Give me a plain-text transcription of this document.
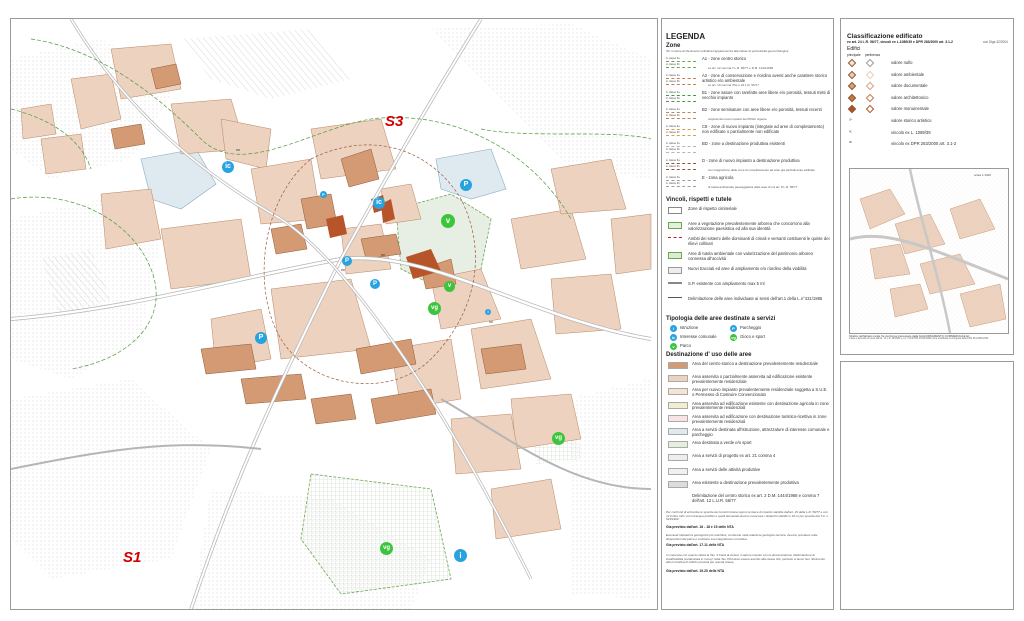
S3
S1
vv
vv
vv
vv
ic
P
ic
v
P
P
P
vg
i
v
P
vg
vg
i
LEGENDA
Zone
Sb: il colore di riferimento individua l'appartenenza alla classe di pericolosità geomorfologica
in classe IIa
in classe IIb
A1 - zone centro storico
ex art. 12 comma 7 L.R. 56/77 e D.M. 1444/1968
in classe IIa
in classe IIb
A2 - zone di conservazione e riordino aventi anche carattere storico artistico e/o ambientale
ex art. 13 comma 7bis e 24 L.R. 56/77
in classe IIa
in classe IIb
B1 - zone sature con rarefatte aree libere e/o porosità, tessuti misti di vecchio impianto
in classe IIa
in classe IIb
B2 - zone semisature con aree libere e/o porosità, tessuti recenti
originati da nuovi impianti del PRGC vigente
in classe IIa
in classe IIb
C8 - zone di nuovo impianto (integrate ad aree di completamento) non edificate o parzialmente non edificate
in classe IIa
in classe IIb
BD - zone a destinazione produttiva esistenti
in classe IIa
in classe IIb
D - zone di nuovo impianto a destinazione produttiva
con integrazione delle zone di completamento ad aree già parzialmente edificate
in classe IIa
in classe IIb
E - zona agricola
di tutela ambientale paesaggistica delle aree di cui art. 8 L.R. 56/77
Vincoli, rispetti e tutele
Zone di rispetto cimiteriale
Aree a vegetazione prevalentemente arborea che concorrono alla valorizzazione paesistica ed alla sua identità
Ambiti dei sistemi delle dominanti di crinali e versanti costituenti le quinte dei rilievi collinari
Aree di tutela ambientale con valorizzazione del patrimonio arboreo connessa all'accività
Nuovi tracciati ed aree di ampliamento e/o riordino della viabilità
S.P. esistente con ampliamento max 5 ml
Delimitazione delle aree individuate ai sensi dell'art.1 della L.n°431/1985
Tipologia delle aree destinate a servizi
i	Istruzione	P	Parcheggio
ic	Interesse comunale	vg Gioco e sport
v	Parco
Destinazione d' uso delle aree
Area del centro storico a destinazione prevalentemente residenziale
Area asservita o parzialmente asservita ad edificazione esistente prevalentemente residenziale
Area per nuovo impianto prevalentemente residenziale soggetta a S.U.E. o Permesso di Costruire Convenzionato
Area asservita ad edificazione esistente con destinazione agricola in zone prevalentemente residenziali
Area asservita ad edificazione con destinazione turistico-ricettiva in zone prevalentemente residenziali
Area a servizi destinata all'istruzione, attrezzature di interesse comunale e parcheggio
Area destinata a verde e/o sport
Area a servizi di progetto ex art. 21 comma 4
Area a servizi delle attività produttive
Area esistente a destinazione prevalentemente produttiva
Delimitazione del centro storico ex art. 2 D.M. 1444/1968 e comma 7 dell'art. 12 L.U.R. 56/77
Per confronti di entrambe le sponde dei torrenti Grana vigono le fasce di rispetto stabilite dall'art. 29 della L.R. 56/77 e con ml inoltre tutti i corsi d'acqua pubblici e quelli demaniali devono osservare i distacchi stabiliti in 10 ml per sponda dal T.U. n. 523/1904.
Gia previsto dall'art. 16 - 18 e 19 delle NTA
Eventuali indicazioni geologiche più restrittive, contenute nella relazione geologico-tecnica, devono prevalere sulle disposizioni del piano e costituire sua integrazione normativa.
Gia previsto dall'art. 17.11 delle NTA
In coerenza con quanto indica la Tav. 3 Carta di sintesi, il settore inserito con la denominazione 'Delimitazione di inedificabilità (evidenziata in rosso)' nella Tav. P04 deve essere ascritto alla classe IIIA, pertanto si lavori ben riferimento alla normativa di utilizzo prevista per questa classe.
Gia previsto dall'art. 19.20 delle NTA
Classificazione edificato
ex art. 24 L.R. 56/77, vincoli ex L.1089/39 e DPR 283/2000 art. 3.1-2	con Dlgs 42/2004
Edifici
principale pertinenza
valore nullo
valore ambientale
valore documentale
valore architettonico
valore monumentale
»	valore storico artistico
«	vincolo ex L. 1089/39
=	vincolo ex DPR 283/2000 art. 3.1-2
scala 1:1000
Stralcio dell'abitato rurale fra via Roma interessato dalla AGGIORNAMENTO COMMERCIALE E1
L'area e descritta ai sensi dell'art. 12 L.R. 28/1999 e s.m.i. DCR 563-13414/1999 come modificata ed integrata dalla DCR 59-10831/2006
